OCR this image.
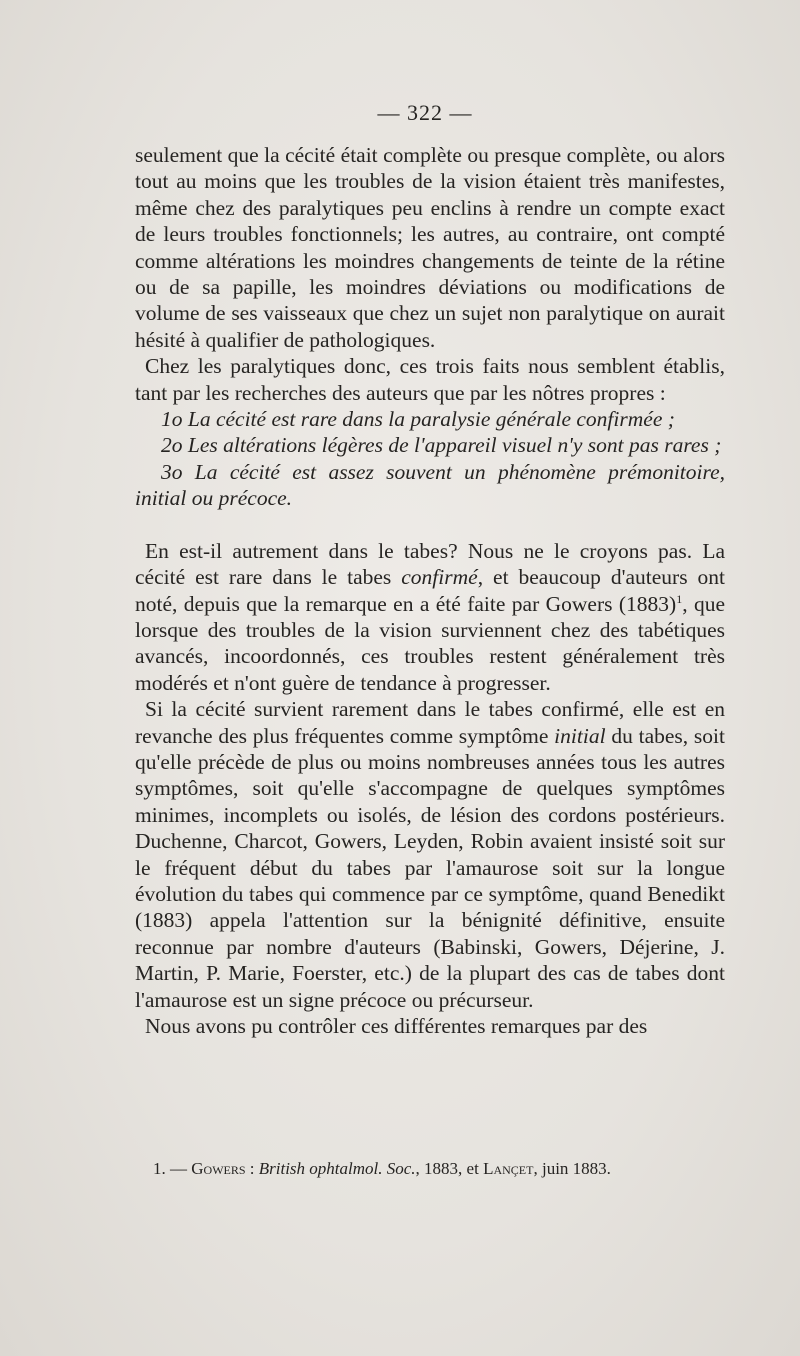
— 322 —

seulement que la cécité était complète ou presque complète, ou alors tout au moins que les troubles de la vision étaient très manifestes, même chez des paralytiques peu enclins à rendre un compte exact de leurs troubles fonctionnels; les autres, au contraire, ont compté comme altérations les moindres changements de teinte de la rétine ou de sa papille, les moindres déviations ou modifications de volume de ses vaisseaux que chez un sujet non paralytique on aurait hésité à qualifier de pathologiques.

Chez les paralytiques donc, ces trois faits nous semblent établis, tant par les recherches des auteurs que par les nôtres propres :

1o La cécité est rare dans la paralysie générale confirmée ;

2o Les altérations légères de l'appareil visuel n'y sont pas rares ;

3o La cécité est assez souvent un phénomène prémonitoire, initial ou précoce.

En est-il autrement dans le tabes? Nous ne le croyons pas. La cécité est rare dans le tabes confirmé, et beaucoup d'auteurs ont noté, depuis que la remarque en a été faite par Gowers $(1883)^1$, que lorsque des troubles de la vision surviennent chez des tabétiques avancés, incoordonnés, ces troubles restent généralement très modérés et n'ont guère de tendance à progresser.

Si la cécité survient rarement dans le tabes confirmé, elle est en revanche des plus fréquentes comme symptôme initial du tabes, soit qu'elle précède de plus ou moins nombreuses années tous les autres symptômes, soit qu'elle s'accompagne de quelques symptômes minimes, incomplets ou isolés, de lésion des cordons postérieurs. Duchenne, Charcot, Gowers, Leyden, Robin avaient insisté soit sur le fréquent début du tabes par l'amaurose soit sur la longue évolution du tabes qui commence par ce symptôme, quand Benedikt (1883) appela l'attention sur la bénignité définitive, ensuite reconnue par nombre d'auteurs (Babinski, Gowers, Déjerine, J. Martin, P. Marie, Foerster, etc.) de la plupart des cas de tabes dont l'amaurose est un signe précoce ou précurseur.

Nous avons pu contrôler ces différentes remarques par des

1. — Gowers : British ophtalmol. Soc., 1883, et Lançet, juin 1883.
